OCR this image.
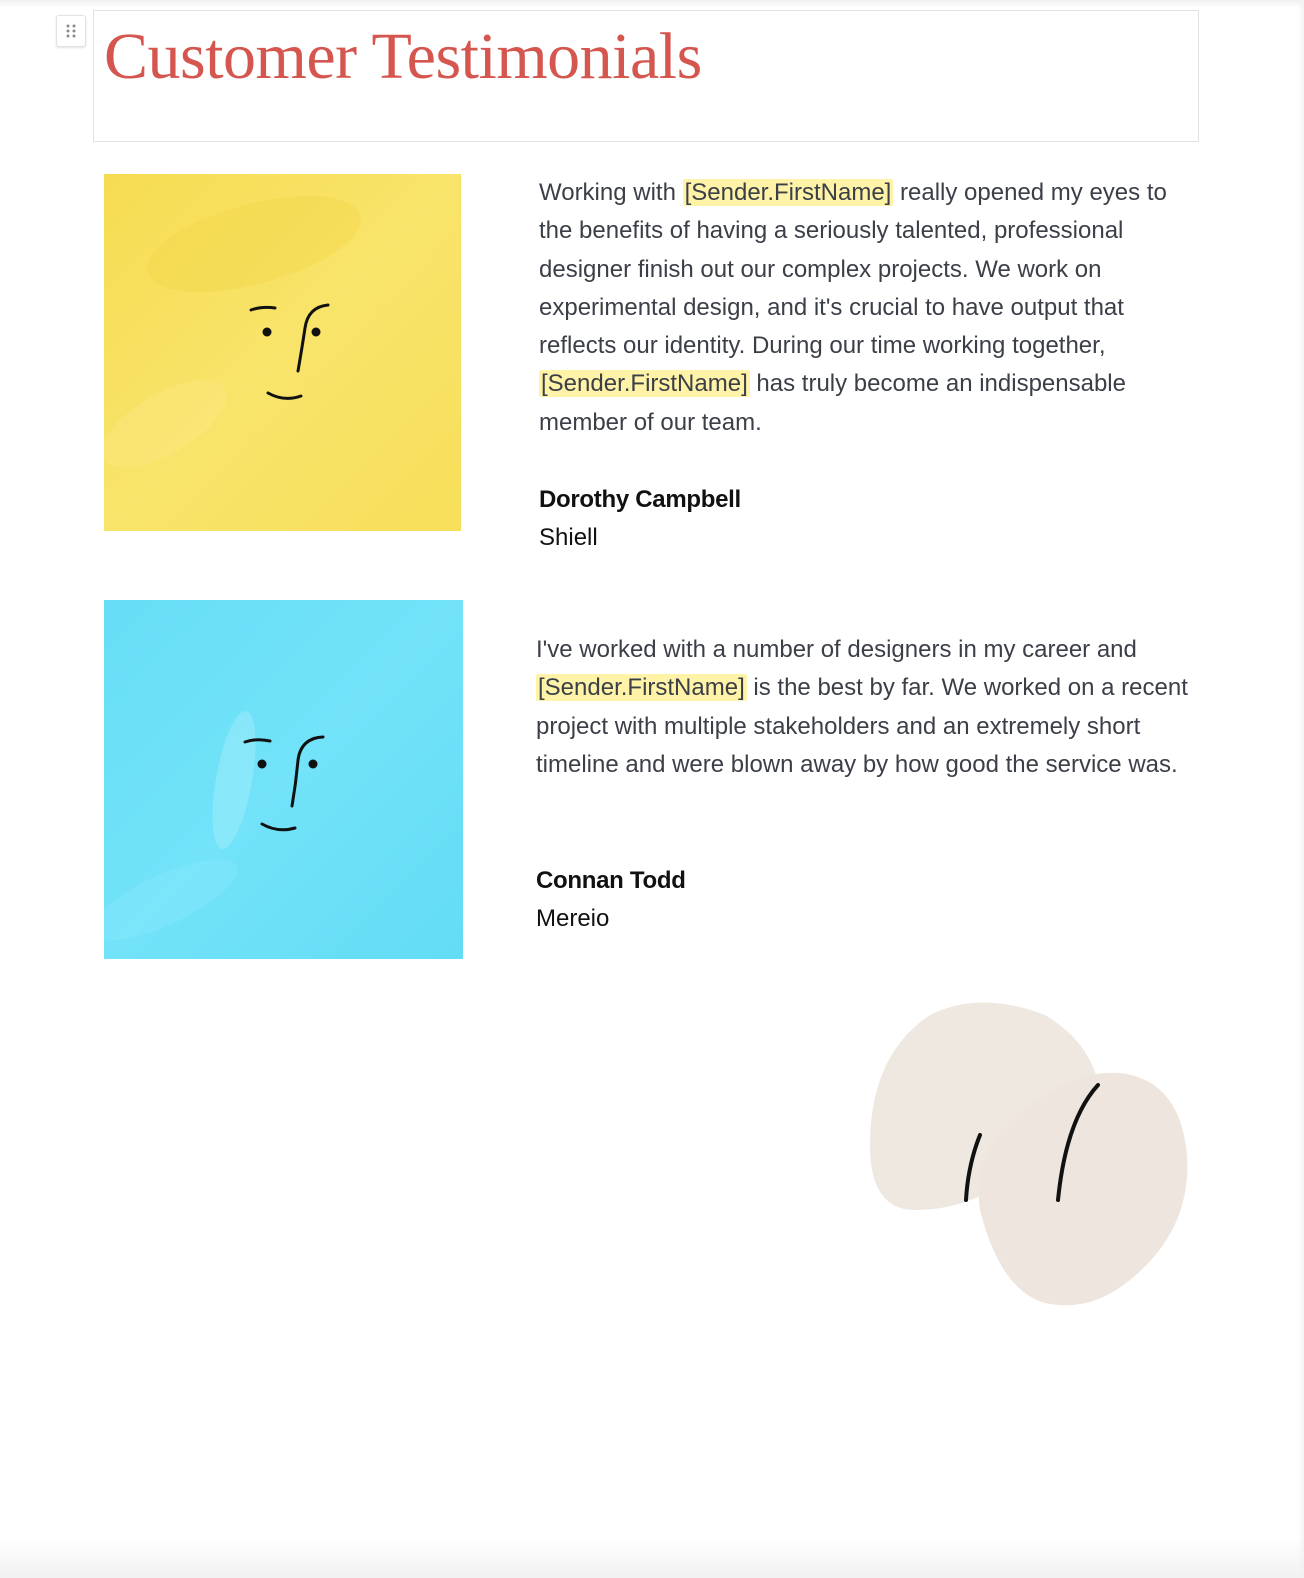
Customer Testimonials

Working with [Sender.FirstName] really opened my eyes to the benefits of having a seriously talented, professional designer finish out our complex projects. We work on experimental design, and it's crucial to have output that reflects our identity. During our time working together, [Sender.FirstName] has truly become an indispensable member of our team.

Dorothy Campbell
Shiell

I've worked with a number of designers in my career and [Sender.FirstName] is the best by far. We worked on a recent project with multiple stakeholders and an extremely short timeline and were blown away by how good the service was.

Connan Todd
Mereio
